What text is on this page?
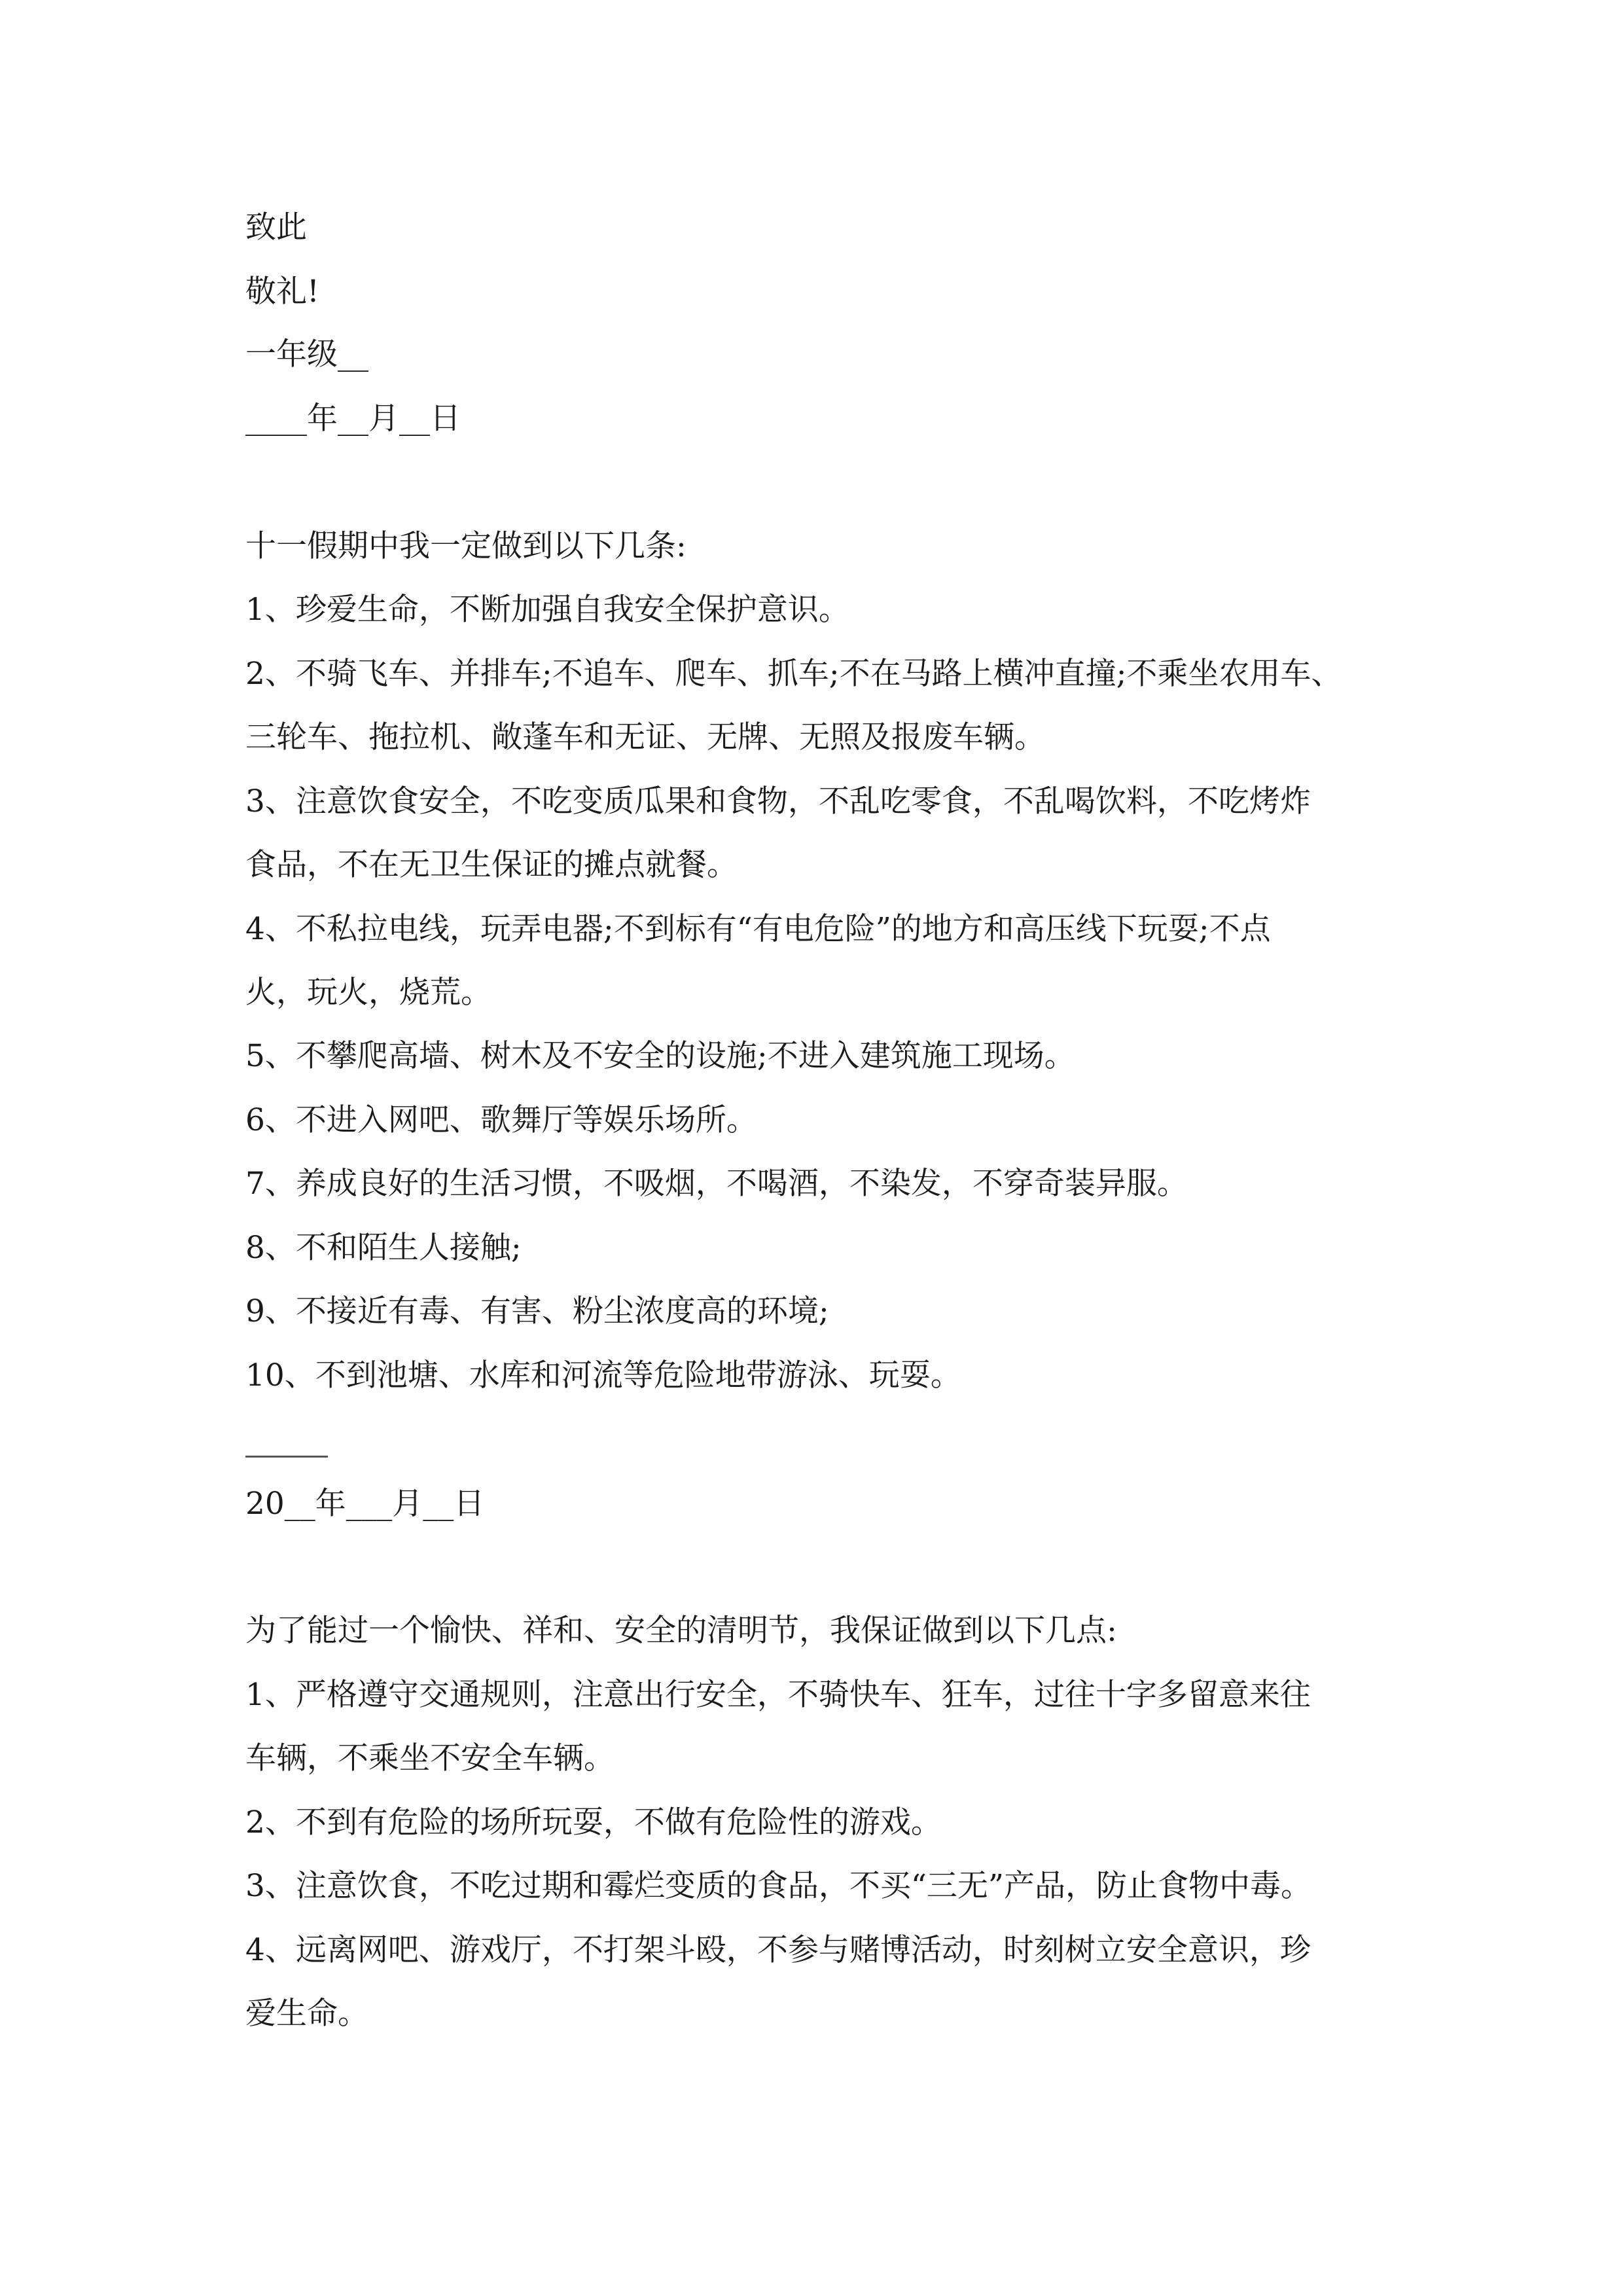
致此
敬礼!
一年级__
____年__月__日
十一假期中我一定做到以下几条:
1、珍爱生命，不断加强自我安全保护意识。
2、不骑飞车、并排车;不追车、爬车、抓车;不在马路上横冲直撞;不乘坐农用车、
三轮车、拖拉机、敞蓬车和无证、无牌、无照及报废车辆。
3、注意饮食安全，不吃变质瓜果和食物，不乱吃零食，不乱喝饮料，不吃烤炸
食品，不在无卫生保证的摊点就餐。
4、不私拉电线，玩弄电器;不到标有“有电危险”的地方和高压线下玩耍;不点
火，玩火，烧荒。
5、不攀爬高墙、树木及不安全的设施;不进入建筑施工现场。
6、不进入网吧、歌舞厅等娱乐场所。
7、养成良好的生活习惯，不吸烟，不喝酒，不染发，不穿奇装异服。
8、不和陌生人接触;
9、不接近有毒、有害、粉尘浓度高的环境;
10、不到池塘、水库和河流等危险地带游泳、玩耍。
20__年___月__日
为了能过一个愉快、祥和、安全的清明节，我保证做到以下几点:
1、严格遵守交通规则，注意出行安全，不骑快车、狂车，过往十字多留意来往
车辆，不乘坐不安全车辆。
2、不到有危险的场所玩耍，不做有危险性的游戏。
3、注意饮食，不吃过期和霉烂变质的食品，不买“三无”产品，防止食物中毒。
4、远离网吧、游戏厅，不打架斗殴，不参与赌博活动，时刻树立安全意识，珍
爱生命。
